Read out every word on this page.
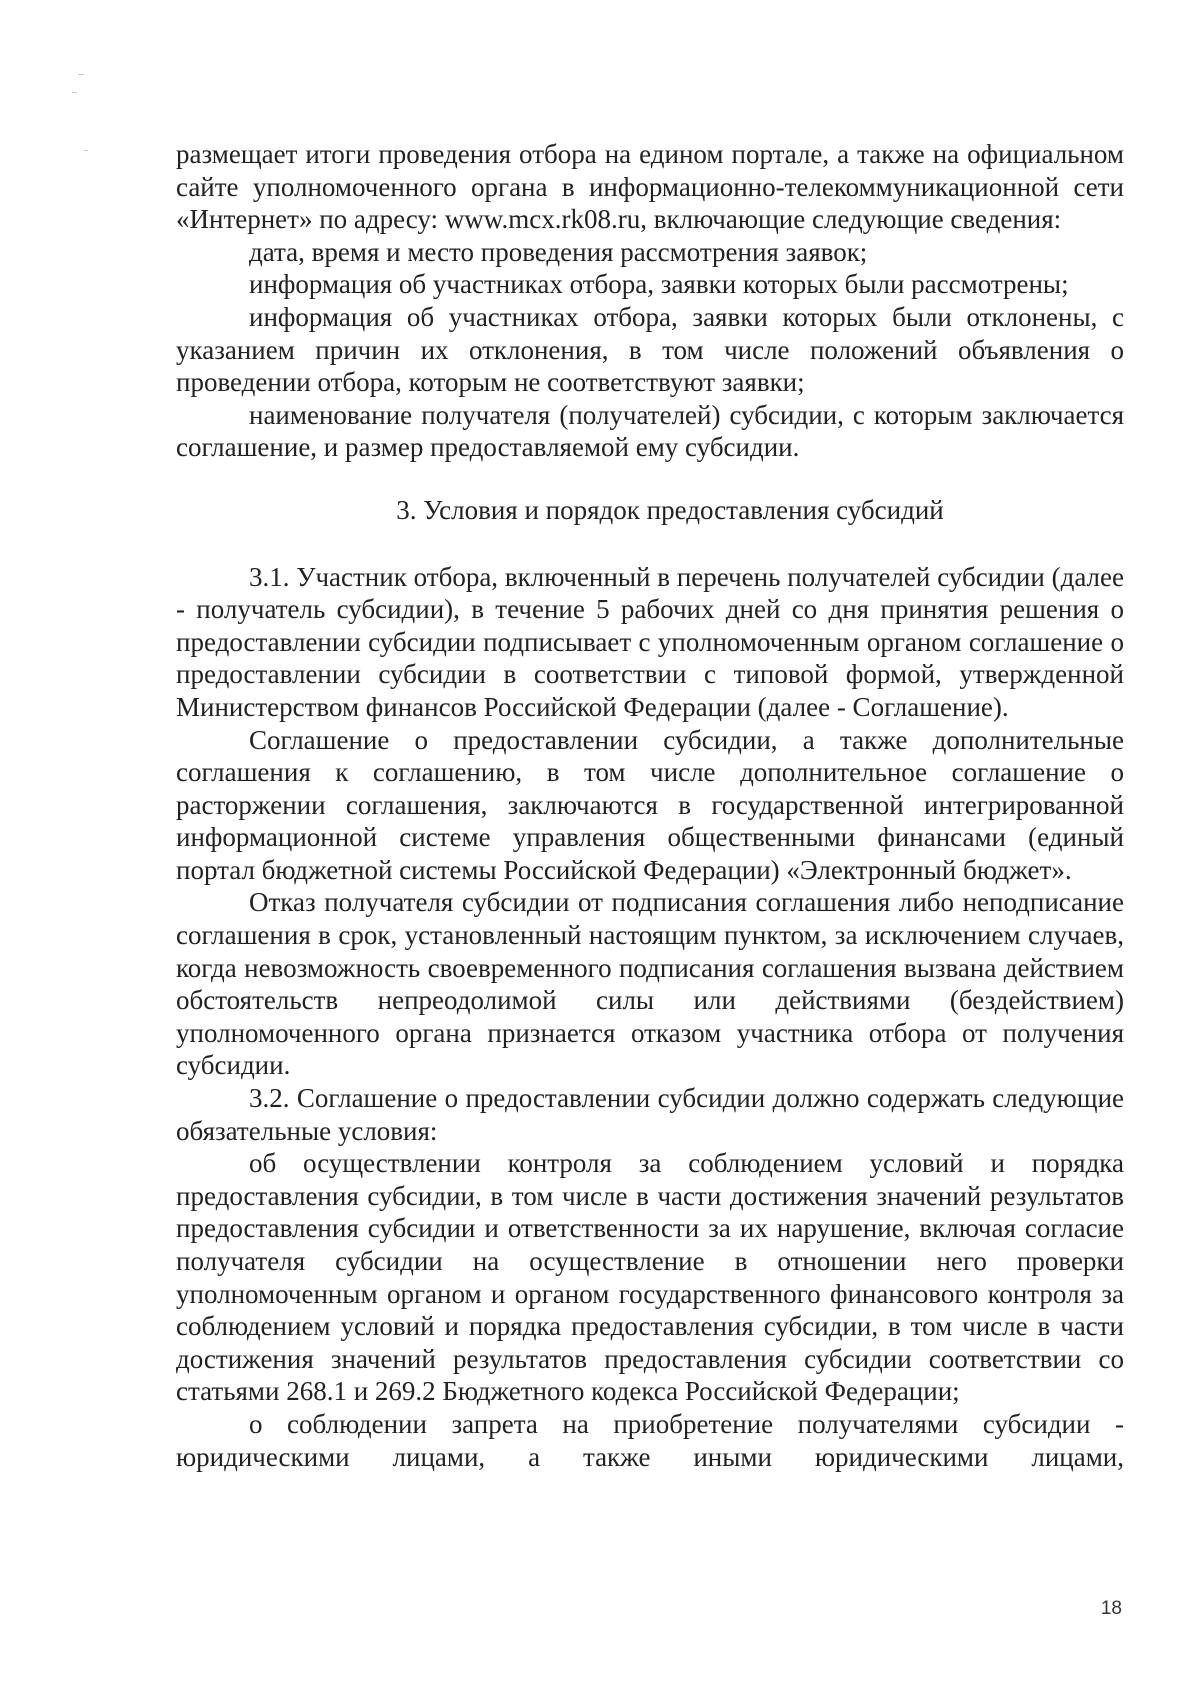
размещает итоги проведения отбора на едином портале, а также на официальном сайте уполномоченного органа в информационно-телекоммуникационной сети «Интернет» по адресу: www.mcx.rk08.ru, включающие следующие сведения:

дата, время и место проведения рассмотрения заявок;

информация об участниках отбора, заявки которых были рассмотрены;

информация об участниках отбора, заявки которых были отклонены, с указанием причин их отклонения, в том числе положений объявления о проведении отбора, которым не соответствуют заявки;

наименование получателя (получателей) субсидии, с которым заключается соглашение, и размер предоставляемой ему субсидии.

3. Условия и порядок предоставления субсидий

3.1. Участник отбора, включенный в перечень получателей субсидии (далее - получатель субсидии), в течение 5 рабочих дней со дня принятия решения о предоставлении субсидии подписывает с уполномоченным органом соглашение о предоставлении субсидии в соответствии с типовой формой, утвержденной Министерством финансов Российской Федерации (далее - Соглашение).

Соглашение о предоставлении субсидии, а также дополнительные соглашения к соглашению, в том числе дополнительное соглашение о расторжении соглашения, заключаются в государственной интегрированной информационной системе управления общественными финансами (единый портал бюджетной системы Российской Федерации) «Электронный бюджет».

Отказ получателя субсидии от подписания соглашения либо неподписание соглашения в срок, установленный настоящим пунктом, за исключением случаев, когда невозможность своевременного подписания соглашения вызвана действием обстоятельств непреодолимой силы или действиями (бездействием) уполномоченного органа признается отказом участника отбора от получения субсидии.

3.2. Соглашение о предоставлении субсидии должно содержать следующие обязательные условия:

об осуществлении контроля за соблюдением условий и порядка предоставления субсидии, в том числе в части достижения значений результатов предоставления субсидии и ответственности за их нарушение, включая согласие получателя субсидии на осуществление в отношении него проверки уполномоченным органом и органом государственного финансового контроля за соблюдением условий и порядка предоставления субсидии, в том числе в части достижения значений результатов предоставления субсидии соответствии со статьями 268.1 и 269.2 Бюджетного кодекса Российской Федерации;

о соблюдении запрета на приобретение получателями субсидии - юридическими лицами, а также иными юридическими лицами,

18
